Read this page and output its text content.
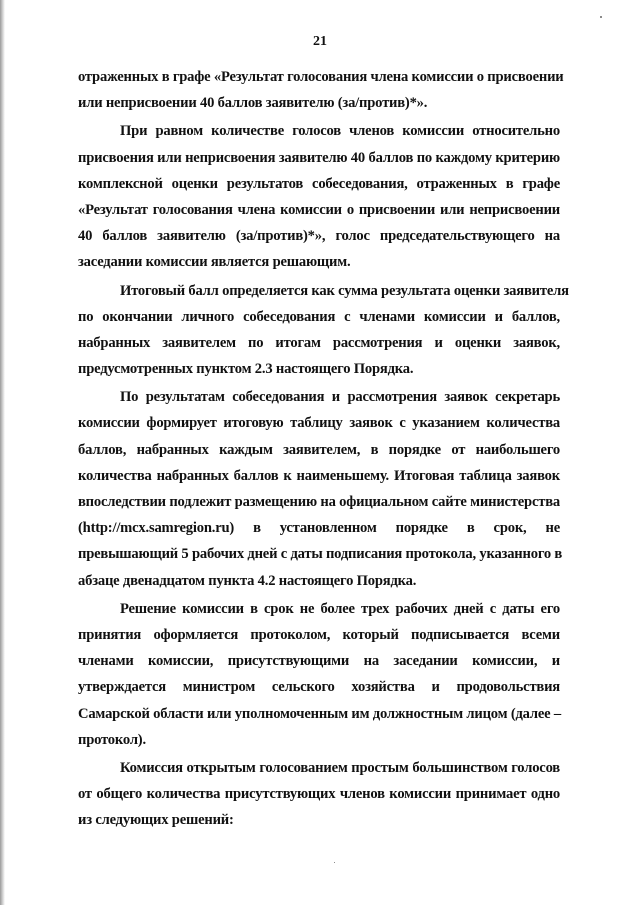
21
отраженных в графе «Результат голосования члена комиссии о присвоении
или неприсвоении 40 баллов заявителю (за/против)*».
При равном количестве голосов членов комиссии относительно
присвоения или неприсвоения заявителю 40 баллов по каждому критерию
комплексной оценки результатов собеседования, отраженных в графе
«Результат голосования члена комиссии о присвоении или неприсвоении
40 баллов заявителю (за/против)*», голос председательствующего на
заседании комиссии является решающим.
Итоговый балл определяется как сумма результата оценки заявителя
по окончании личного собеседования с членами комиссии и баллов,
набранных заявителем по итогам рассмотрения и оценки заявок,
предусмотренных пунктом 2.3 настоящего Порядка.
По результатам собеседования и рассмотрения заявок секретарь
комиссии формирует итоговую таблицу заявок с указанием количества
баллов, набранных каждым заявителем, в порядке от наибольшего
количества набранных баллов к наименьшему. Итоговая таблица заявок
впоследствии подлежит размещению на официальном сайте министерства
(http://mcx.samregion.ru) в установленном порядке в срок, не
превышающий 5 рабочих дней с даты подписания протокола, указанного в
абзаце двенадцатом пункта 4.2 настоящего Порядка.
Решение комиссии в срок не более трех рабочих дней с даты его
принятия оформляется протоколом, который подписывается всеми
членами комиссии, присутствующими на заседании комиссии, и
утверждается министром сельского хозяйства и продовольствия
Самарской области или уполномоченным им должностным лицом (далее –
протокол).
Комиссия открытым голосованием простым большинством голосов
от общего количества присутствующих членов комиссии принимает одно
из следующих решений:
